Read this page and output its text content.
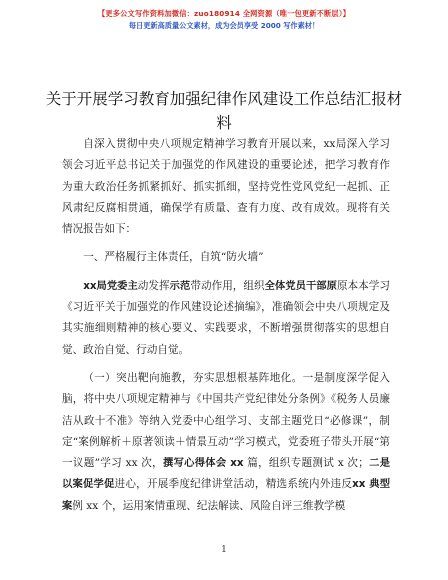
【更多公文写作资料加微信：zuo180914 全网资源（唯一包更新不断层）】
每日更新高质量公文素材，成为会员享受 2000 写作素材！
关于开展学习教育加强纪律作风建设工作总结汇报材料

自深入贯彻中央八项规定精神学习教育开展以来，xx局深入学习领会习近平总书记关于加强党的作风建设的重要论述，把学习教育作为重大政治任务抓紧抓好、抓实抓细，坚持党性党风党纪一起抓、正风肃纪反腐相贯通，确保学有质量、查有力度、改有成效。现将有关情况报告如下：

一、严格履行主体责任，自筑“防火墙”

xx局党委主动发挥示范带动作用，组织全体党员干部原原本本学习《习近平关于加强党的作风建设论述摘编》，准确领会中央八项规定及其实施细则精神的核心要义、实践要求，不断增强贯彻落实的思想自觉、政治自觉、行动自觉。

（一）突出靶向施教，夯实思想根基阵地化。一是制度深学促入脑，将中央八项规定精神与《中国共产党纪律处分条例》《税务人员廉洁从政十不准》等纳入党委中心组学习、支部主题党日“必修课”，制定“案例解析＋原著领读＋情景互动”学习模式，党委班子带头开展“第一议题”学习 xx 次，撰写心得体会 xx 篇，组织专题测试 x 次；二是以案促学促进心，开展季度纪律讲堂活动，精选系统内外违反xx 典型案例 xx 个，运用案情重现、纪法解读、风险自评三维教学模

1
